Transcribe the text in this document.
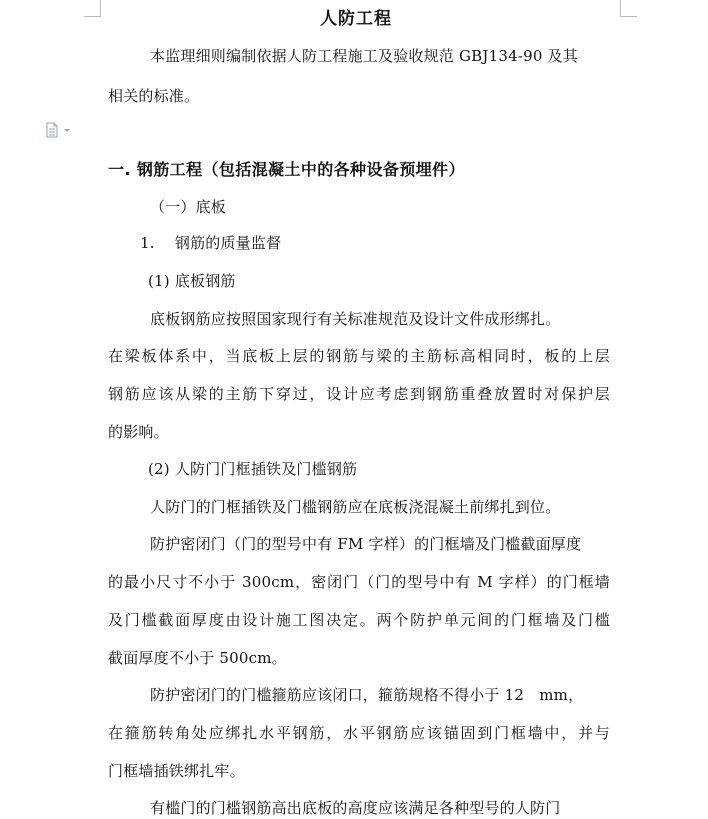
人防工程
本监理细则编制依据人防工程施工及验收规范 GBJ134-90 及其
相关的标准。
一. 钢筋工程（包括混凝土中的各种设备预埋件）
（一）底板
1.　 钢筋的质量监督
(1) 底板钢筋
底板钢筋应按照国家现行有关标准规范及设计文件成形绑扎。
在梁板体系中，当底板上层的钢筋与梁的主筋标高相同时，板的上层
钢筋应该从梁的主筋下穿过，设计应考虑到钢筋重叠放置时对保护层
的影响。
(2) 人防门门框插铁及门槛钢筋
人防门的门框插铁及门槛钢筋应在底板浇混凝土前绑扎到位。
防护密闭门（门的型号中有 FM 字样）的门框墙及门槛截面厚度
的最小尺寸不小于 300cm，密闭门（门的型号中有 M 字样）的门框墙
及门槛截面厚度由设计施工图决定。两个防护单元间的门框墙及门槛
截面厚度不小于 500cm。
防护密闭门的门槛箍筋应该闭口，箍筋规格不得小于 12　mm，
在箍筋转角处应绑扎水平钢筋，水平钢筋应该锚固到门框墙中，并与
门框墙插铁绑扎牢。
有槛门的门槛钢筋高出底板的高度应该满足各种型号的人防门
